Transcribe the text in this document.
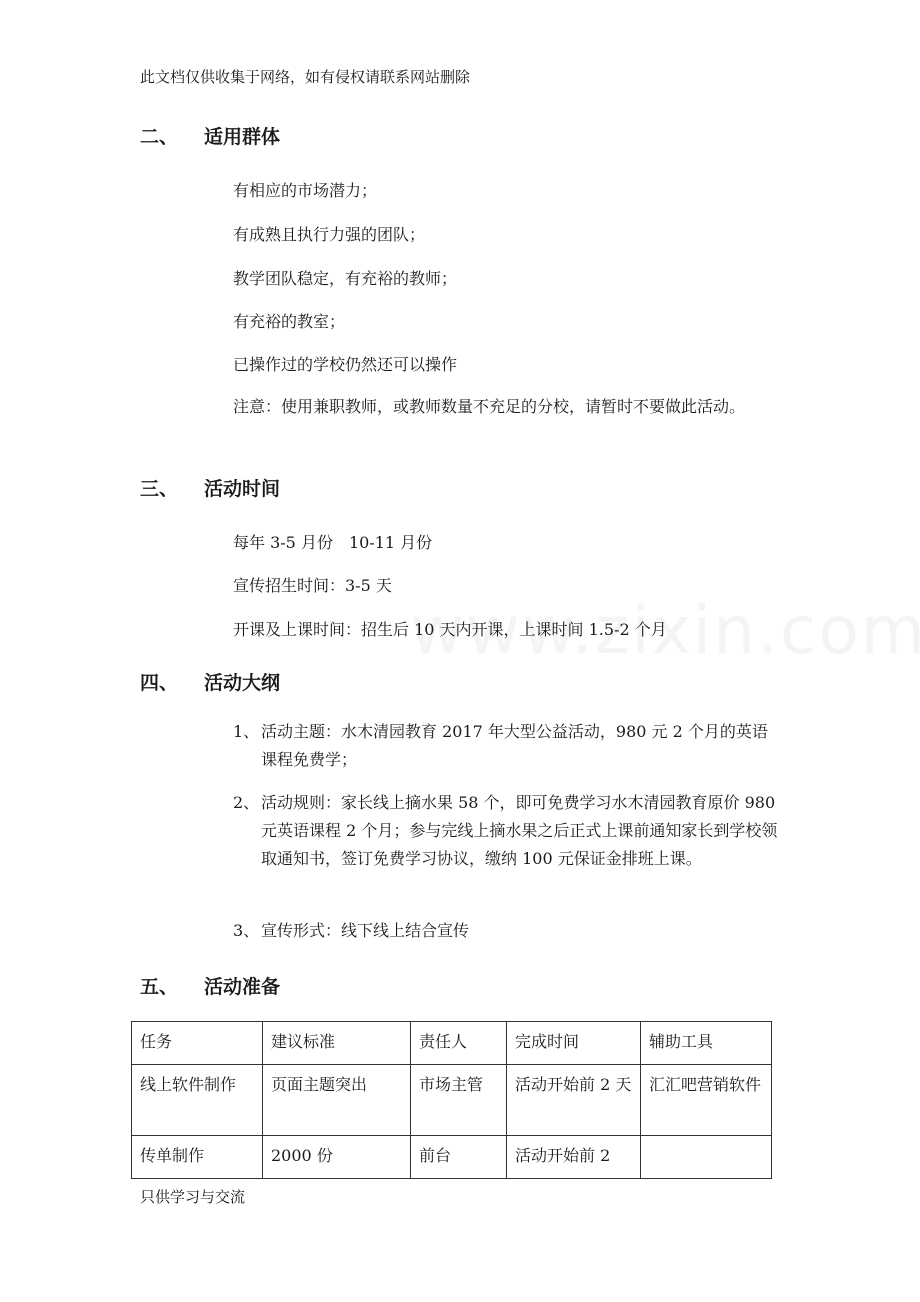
此文档仅供收集于网络，如有侵权请联系网站删除
二、 适用群体
有相应的市场潜力；
有成熟且执行力强的团队；
教学团队稳定，有充裕的教师；
有充裕的教室；
已操作过的学校仍然还可以操作
注意：使用兼职教师，或教师数量不充足的分校，请暂时不要做此活动。
三、 活动时间
每年 3-5 月份　10-11 月份
宣传招生时间：3-5 天
开课及上课时间：招生后 10 天内开课，上课时间 1.5-2 个月
四、 活动大纲
1、 活动主题：水木清园教育 2017 年大型公益活动，980 元 2 个月的英语课程免费学；
2、 活动规则：家长线上摘水果 58 个，即可免费学习水木清园教育原价 980 元英语课程 2 个月；参与完线上摘水果之后正式上课前通知家长到学校领取通知书，签订免费学习协议，缴纳 100 元保证金排班上课。
3、 宣传形式：线下线上结合宣传
五、 活动准备
任务	建议标准	责任人	完成时间	辅助工具
线上软件制作	页面主题突出	市场主管	活动开始前 2 天	汇汇吧营销软件
传单制作	2000 份	前台	活动开始前 2	
只供学习与交流
